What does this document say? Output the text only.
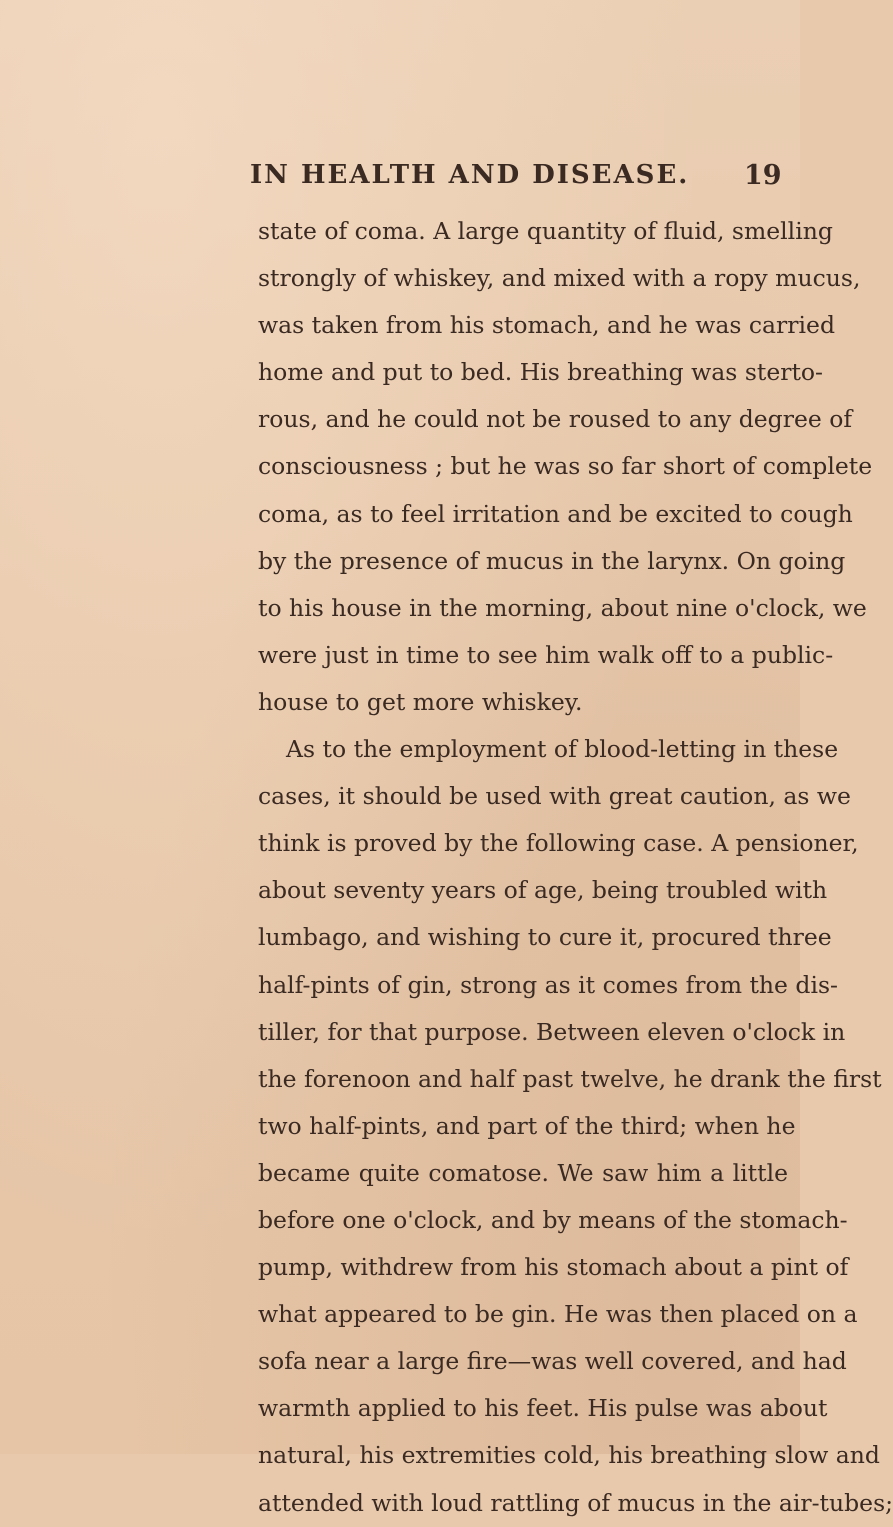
IN HEALTH AND DISEASE. 19
state of coma. A large quantity of fluid, smelling
strongly of whiskey, and mixed with a ropy mucus,
was taken from his stomach, and he was carried
home and put to bed. His breathing was sterto-
rous, and he could not be roused to any degree of
consciousness ; but he was so far short of complete
coma, as to feel irritation and be excited to cough
by the presence of mucus in the larynx. On going
to his house in the morning, about nine o'clock, we
were just in time to see him walk off to a public-
house to get more whiskey.
As to the employment of blood-letting in these
cases, it should be used with great caution, as we
think is proved by the following case. A pensioner,
about seventy years of age, being troubled with
lumbago, and wishing to cure it, procured three
half-pints of gin, strong as it comes from the dis-
tiller, for that purpose. Between eleven o'clock in
the forenoon and half past twelve, he drank the first
two half-pints, and part of the third; when he
became quite comatose. We saw him a little
before one o'clock, and by means of the stomach-
pump, withdrew from his stomach about a pint of
what appeared to be gin. He was then placed on a
sofa near a large fire—was well covered, and had
warmth applied to his feet. His pulse was about
natural, his extremities cold, his breathing slow and
attended with loud rattling of mucus in the air-tubes;
